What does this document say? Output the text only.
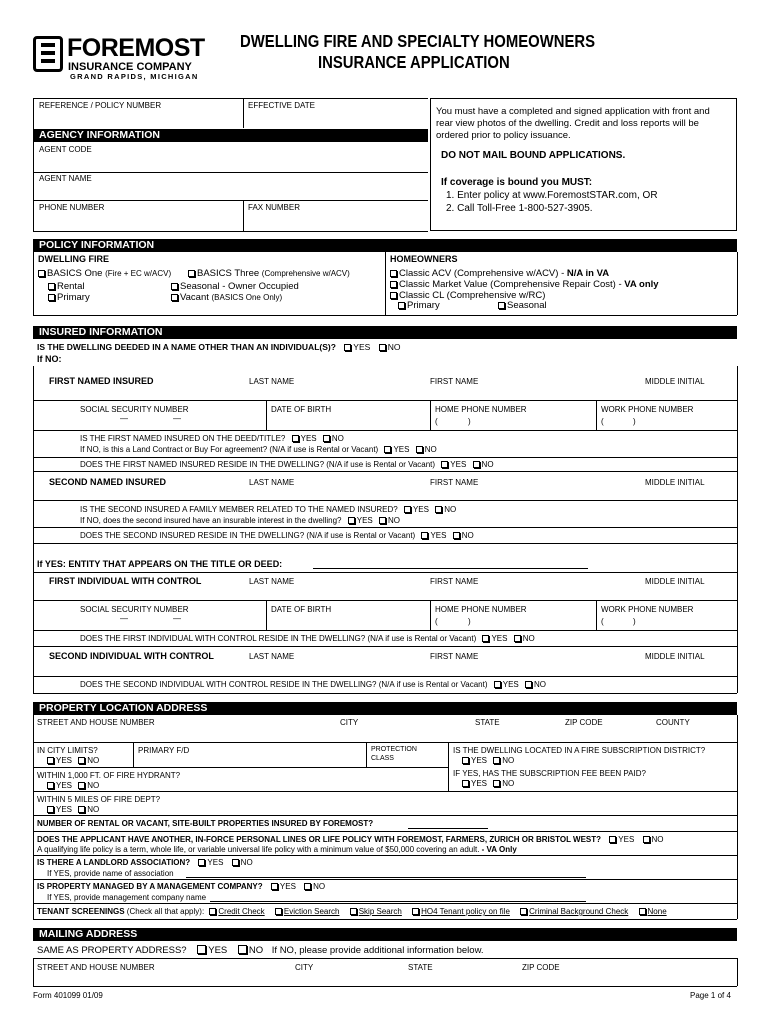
FOREMOST
INSURANCE COMPANY
GRAND RAPIDS, MICHIGAN
DWELLING FIRE AND SPECIALTY HOMEOWNERS
INSURANCE APPLICATION
REFERENCE / POLICY NUMBER	EFFECTIVE DATE
AGENCY INFORMATION
AGENT CODE
AGENT NAME
PHONE NUMBER	FAX NUMBER
You must have a completed and signed application with front and
rear view photos of the dwelling. Credit and loss reports will be
ordered prior to policy issuance.
DO NOT MAIL BOUND APPLICATIONS.
If coverage is bound you MUST:
1. Enter policy at www.ForemostSTAR.com, OR
2. Call Toll-Free 1-800-527-3905.
POLICY INFORMATION
DWELLING FIRE
BASICS One (Fire + EC w/ACV)	BASICS Three (Comprehensive w/ACV)
Rental	Seasonal - Owner Occupied
Primary	Vacant (BASICS One Only)
HOMEOWNERS
Classic ACV (Comprehensive w/ACV) - N/A in VA
Classic Market Value (Comprehensive Repair Cost) - VA only
Classic CL (Comprehensive w/RC)
Primary	Seasonal
INSURED INFORMATION
IS THE DWELLING DEEDED IN A NAME OTHER THAN AN INDIVIDUAL(S)? YES NO
If NO:
FIRST NAMED INSURED	LAST NAME	FIRST NAME	MIDDLE INITIAL
SOCIAL SECURITY NUMBER	DATE OF BIRTH	HOME PHONE NUMBER	WORK PHONE NUMBER
—	—	(	)	(	)
IS THE FIRST NAMED INSURED ON THE DEED/TITLE? YES NO
If NO, is this a Land Contract or Buy For agreement? (N/A if use is Rental or Vacant) YES NO
DOES THE FIRST NAMED INSURED RESIDE IN THE DWELLING? (N/A if use is Rental or Vacant) YES NO
SECOND NAMED INSURED	LAST NAME	FIRST NAME	MIDDLE INITIAL
IS THE SECOND INSURED A FAMILY MEMBER RELATED TO THE NAMED INSURED? YES NO
If NO, does the second insured have an insurable interest in the dwelling? YES NO
DOES THE SECOND INSURED RESIDE IN THE DWELLING? (N/A if use is Rental or Vacant) YES NO
If YES: ENTITY THAT APPEARS ON THE TITLE OR DEED:
FIRST INDIVIDUAL WITH CONTROL	LAST NAME	FIRST NAME	MIDDLE INITIAL
SOCIAL SECURITY NUMBER	DATE OF BIRTH	HOME PHONE NUMBER	WORK PHONE NUMBER
—	—	(	)	(	)
DOES THE FIRST INDIVIDUAL WITH CONTROL RESIDE IN THE DWELLING? (N/A if use is Rental or Vacant) YES NO
SECOND INDIVIDUAL WITH CONTROL	LAST NAME	FIRST NAME	MIDDLE INITIAL
DOES THE SECOND INDIVIDUAL WITH CONTROL RESIDE IN THE DWELLING? (N/A if use is Rental or Vacant) YES NO
PROPERTY LOCATION ADDRESS
STREET AND HOUSE NUMBER	CITY	STATE	ZIP CODE	COUNTY
IN CITY LIMITS?
YES NO
PRIMARY F/D	PROTECTION
CLASS
IS THE DWELLING LOCATED IN A FIRE SUBSCRIPTION DISTRICT?
YES NO
WITHIN 1,000 FT. OF FIRE HYDRANT?
YES NO
IF YES, HAS THE SUBSCRIPTION FEE BEEN PAID?
YES NO
WITHIN 5 MILES OF FIRE DEPT?
YES NO
NUMBER OF RENTAL OR VACANT, SITE-BUILT PROPERTIES INSURED BY FOREMOST?
DOES THE APPLICANT HAVE ANOTHER, IN-FORCE PERSONAL LINES OR LIFE POLICY WITH FOREMOST, FARMERS, ZURICH OR BRISTOL WEST? YES NO
A qualifying life policy is a term, whole life, or variable universal life policy with a minimum value of $50,000 covering an adult. - VA Only
IS THERE A LANDLORD ASSOCIATION? YES NO
If YES, provide name of association
IS PROPERTY MANAGED BY A MANAGEMENT COMPANY? YES NO
If YES, provide management company name
TENANT SCREENINGS (Check all that apply): Credit Check Eviction Search Skip Search HO4 Tenant policy on file Criminal Background Check None
MAILING ADDRESS
SAME AS PROPERTY ADDRESS? YES NO If NO, please provide additional information below.
STREET AND HOUSE NUMBER	CITY	STATE	ZIP CODE
Form 401099 01/09	Page 1 of 4
